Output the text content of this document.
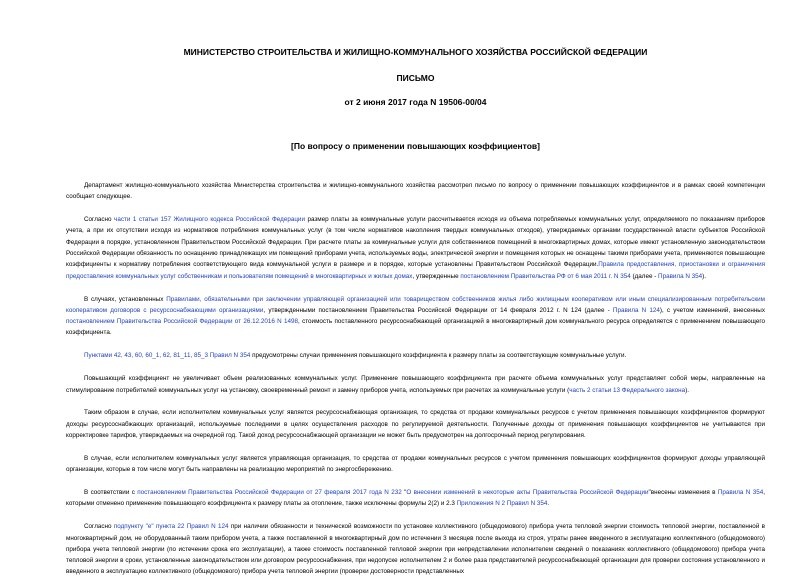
МИНИСТЕРСТВО СТРОИТЕЛЬСТВА И ЖИЛИЩНО-КОММУНАЛЬНОГО ХОЗЯЙСТВА РОССИЙСКОЙ ФЕДЕРАЦИИ
ПИСЬМО
от 2 июня 2017 года N 19506-00/04
[По вопросу о применении повышающих коэффициентов]

Департамент жилищно-коммунального хозяйства Министерства строительства и жилищно-коммунального хозяйства рассмотрел письмо по вопросу о применении повышающих коэффициентов и в рамках своей компетенции сообщает следующее.

Согласно части 1 статьи 157 Жилищного кодекса Российской Федерации размер платы за коммунальные услуги рассчитывается исходя из объема потребляемых коммунальных услуг, определяемого по показаниям приборов учета, а при их отсутствии исходя из нормативов потребления коммунальных услуг (в том числе нормативов накопления твердых коммунальных отходов), утверждаемых органами государственной власти субъектов Российской Федерации в порядке, установленном Правительством Российской Федерации. При расчете платы за коммунальные услуги для собственников помещений в многоквартирных домах, которые имеют установленную законодательством Российской Федерации обязанность по оснащению принадлежащих им помещений приборами учета, используемых воды, электрической энергии и помещения которых не оснащены такими приборами учета, применяются повышающие коэффициенты к нормативу потребления соответствующего вида коммунальной услуги в размере и в порядке, которые установлены Правительством Российской Федерации.Правила предоставления, приостановки и ограничения предоставления коммунальных услуг собственникам и пользователям помещений в многоквартирных и жилых домах, утвержденные постановлением Правительства РФ от 6 мая 2011 г. N 354 (далее - Правила N 354).

В случаях, установленных Правилами, обязательными при заключении управляющей организацией или товариществом собственников жилья либо жилищным кооперативом или иным специализированным потребительским кооперативом договоров с ресурсоснабжающими организациями, утвержденными постановлением Правительства Российской Федерации от 14 февраля 2012 г. N 124 (далее - Правила N 124), с учетом изменений, внесенных постановлением Правительства Российской Федерации от 26.12.2016 N 1498, стоимость поставленного ресурсоснабжающей организацией в многоквартирный дом коммунального ресурса определяется с применением повышающего коэффициента.

Пунктами 42, 43, 60, 60_1, 62, 81_11, 85_3 Правил N 354 предусмотрены случаи применения повышающего коэффициента к размеру платы за соответствующие коммунальные услуги.

Повышающий коэффициент не увеличивает объем реализованных коммунальных услуг. Применение повышающего коэффициента при расчете объема коммунальных услуг представляет собой меры, направленные на стимулирование потребителей коммунальных услуг на установку, своевременный ремонт и замену приборов учета, используемых при расчетах за коммунальные услуги (часть 2 статьи 13 Федерального закона).

Таким образом в случае, если исполнителем коммунальных услуг является ресурсоснабжающая организация, то средства от продажи коммунальных ресурсов с учетом применения повышающих коэффициентов формируют доходы ресурсоснабжающих организаций, используемые последними в целях осуществления расходов по регулируемой деятельности. Полученные доходы от применения повышающих коэффициентов не учитываются при корректировке тарифов, утверждаемых на очередной год. Такой доход ресурсоснабжающей организации не может быть предусмотрен на долгосрочный период регулирования.

В случае, если исполнителем коммунальных услуг является управляющая организация, то средства от продажи коммунальных ресурсов с учетом применения повышающих коэффициентов формируют доходы управляющей организации, которые в том числе могут быть направлены на реализацию мероприятий по энергосбережению.

В соответствии с постановлением Правительства Российской Федерации от 27 февраля 2017 года N 232 "О внесении изменений в некоторые акты Правительства Российской Федерации"внесены изменения в Правила N 354, которыми отменено применение повышающего коэффициента к размеру платы за отопление, также исключены формулы 2(2) и 2.3 Приложения N 2 Правил N 354.

Согласно подпункту "е" пункта 22 Правил N 124 при наличии обязанности и технической возможности по установке коллективного (общедомового) прибора учета тепловой энергии стоимость тепловой энергии, поставленной в многоквартирный дом, не оборудованный таким прибором учета, а также поставленной в многоквартирный дом по истечении 3 месяцев после выхода из строя, утраты ранее введенного в эксплуатацию коллективного (общедомового) прибора учета тепловой энергии (по истечении срока его эксплуатации), а также стоимость поставленной тепловой энергии при непредставлении исполнителем сведений о показаниях коллективного (общедомового) прибора учета тепловой энергии в сроки, установленные законодательством или договором ресурсоснабжения, при недопуске исполнителем 2 и более раза представителей ресурсоснабжающей организации для проверки состояния установленного и введенного в эксплуатацию коллективного (общедомового) прибора учета тепловой энергии (проверки достоверности представленных
